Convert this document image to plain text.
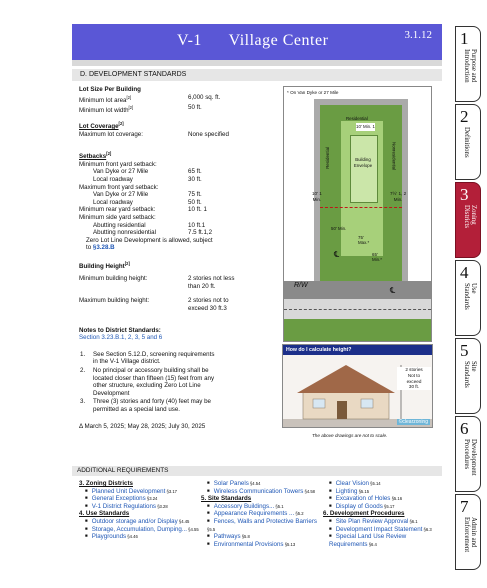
V-1      Village Center	3.1.12
D. DEVELOPMENT STANDARDS
Lot Size Per Building
Minimum lot area[2]	6,000 sq. ft.
Minimum lot width[2]	50 ft.
Lot Coverage[2]
Maximum lot coverage:	None specified
Setbacks[2]
Minimum front yard setback:
Van Dyke or 27 Mile	65 ft.
Local roadway	30 ft.
Maximum front yard setback:
Van Dyke or 27 Mile	75 ft.
Local roadway	50 ft.
Minimum rear yard setback:	10 ft. 1
Minimum side yard setback:
Abutting residential	10 ft.1
Abutting nonresidential	7.5 ft.1,2
Zero Lot Line Development is allowed, subject
to §3.28.B
Building Height[2]
Minimum building height:	2 stories not less
than 20 ft.
Maximum building height:	2 stories not to
exceed 30 ft.3
Notes to District Standards:
Section 3.23.B.1, 2, 3, 5 and 6
1. See Section 5.12.D, screening requirements
in the V-1 Village district.
2. No principal or accessory building shall be
located closer than fifteen (15) feet from any
other structure, excluding Zero Lot Line
Development
3. Three (3) stories and forty (40) feet may be
permitted as a special land use.
Δ March 5, 2025; May 28, 2025; July 30, 2025
* On Van Dyke or 27 Mile
Building
Envelope
Residential
10' Min. 1
Residential	Nonresidential
10' 1
Min.
7½' 1, 2
Min.
50' Min.
75'
Max.*
65'
Min.*
℄
℄
R/W
How do I calculate height?
2 stories
Not to
exceed
30 ft.
©clearzoning
The above drawings are not to scale.
1
Purpose and
Introduction
2
Definitions
3
Zoning
Districts
4
Use
Standards
5
Site
Standards
6
Development
Procedures
7
Admin and
Enforcement
ADDITIONAL REQUIREMENTS
3. Zoning Districts
■ Planned Unit Development §3.17
■ General Exceptions §3.24
■ V-1 District Regulations §3.28
4. Use Standards
■ Outdoor storage and/or Display §4.45
■ Storage, Accumulation, Dumping... §4.55
■ Playgrounds §4.46
■ Solar Panels §4.54
■ Wireless Communication Towers §4.58
5. Site Standards
■ Accessory Buildings... §5.1
■ Appearance Requirements ... §5.2
■ Fences, Walls and Protective Barriers §5.5
■ Pathways §5.8
■ Environmental Provisions §5.13
■ Clear Vision §5.14
■ Lighting §5.15
■ Excavation of Holes §5.16
■ Display of Goods §5.17
6. Development Procedures
■ Site Plan Review Approval §6.1
■ Development Impact Statement §6.3
■ Special Land Use Review Requirements §6.4
